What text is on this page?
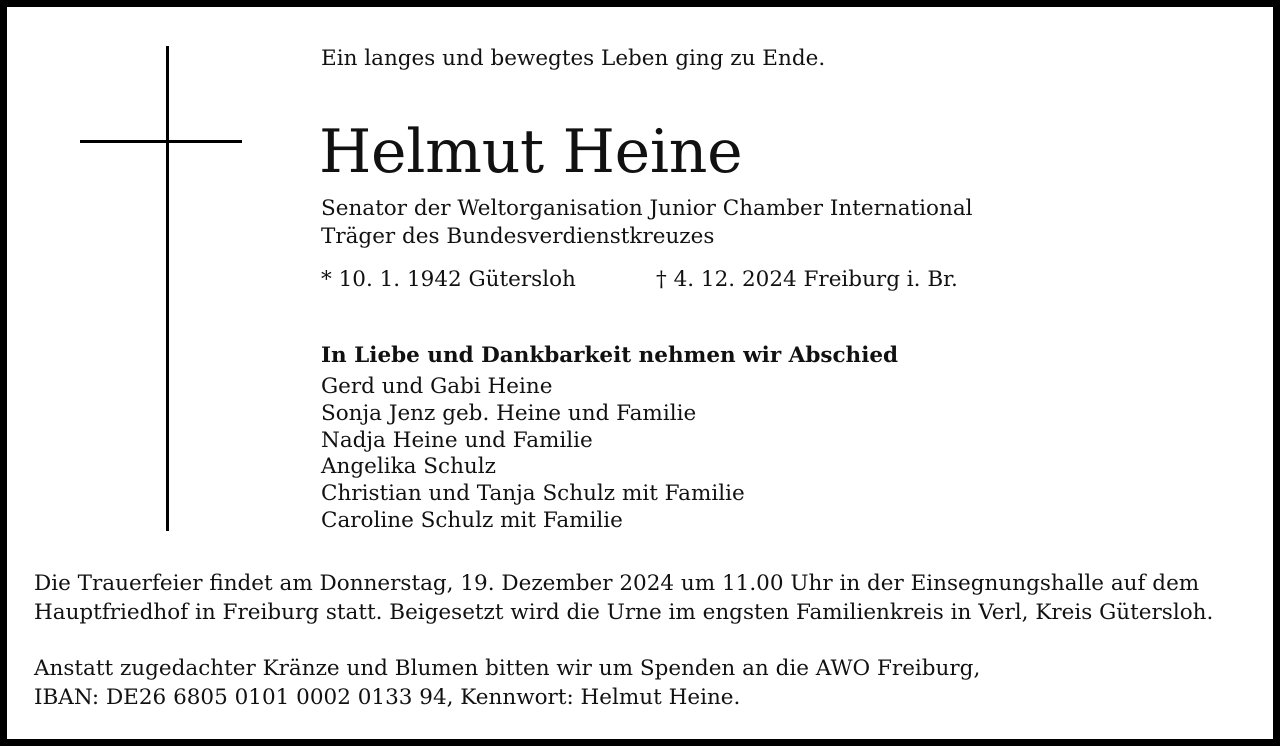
Ein langes und bewegtes Leben ging zu Ende.
Helmut Heine
Senator der Weltorganisation Junior Chamber International
Träger des Bundesverdienstkreuzes
* 10. 1. 1942 Gütersloh	† 4. 12. 2024 Freiburg i. Br.
In Liebe und Dankbarkeit nehmen wir Abschied
Gerd und Gabi Heine
Sonja Jenz geb. Heine und Familie
Nadja Heine und Familie
Angelika Schulz
Christian und Tanja Schulz mit Familie
Caroline Schulz mit Familie
Die Trauerfeier findet am Donnerstag, 19. Dezember 2024 um 11.00 Uhr in der Einsegnungshalle auf dem
Hauptfriedhof in Freiburg statt. Beigesetzt wird die Urne im engsten Familienkreis in Verl, Kreis Gütersloh.
Anstatt zugedachter Kränze und Blumen bitten wir um Spenden an die AWO Freiburg,
IBAN: DE26 6805 0101 0002 0133 94, Kennwort: Helmut Heine.
